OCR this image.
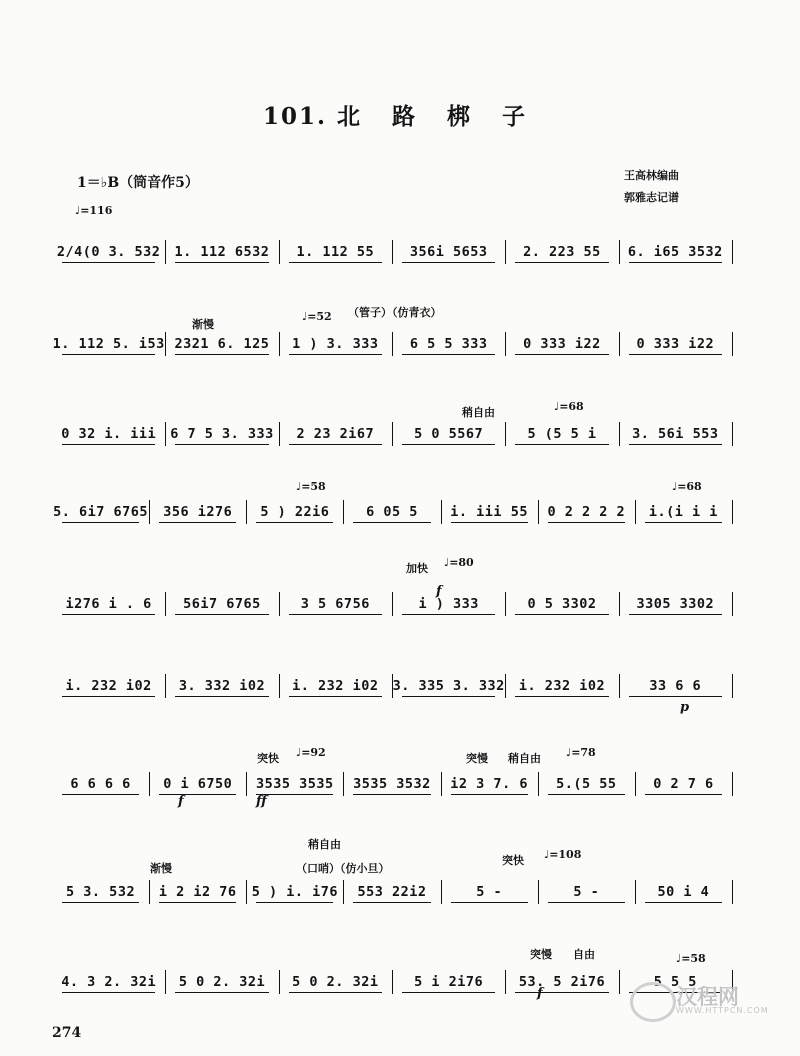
101. 北 路 梆 子
1＝♭B（筒音作5）	王高林编曲
郭雅志记谱
♩=116
渐慢
♩=52 （管子）（仿青衣）
稍自由	♩=68
♩=58	♩=68
加快 ♩=80
突快 ♩=92	突慢 稍自由 ♩=78
稍自由
渐慢	（口哨）（仿小旦）
突快 ♩=108
突慢 自由	♩=58
f
p
f	ff
f
2/4(0 3. 532	1. 112 6532	1. 112 55	356i 5653	2. 223 55	6. i65 3532
1. 112 5. i53 2321 6. 125	1 ) 3. 333	6 5 5 333	0 333 i22	0 333 i22
0 32 i. iii	6 7 5 3. 333	2 23 2i67	5 0 5567	5 (5 5 i	3. 56i 553
5. 6i7 6765	356 i276	5 ) 22i6	6 05 5	i. iii 55	0 2 2 2 2	i.(i i i
i276 i . 6	56i7 6765	3 5 6756	i ) 333	0 5 3302	3305 3302
i. 232 i02	3. 332 i02	i. 232 i02	3. 335 3. 332	i. 232 i02	33 6 6
6 6 6 6	0 i 6750	3535 3535	3535 3532	i2 3 7. 6	5.(5 55	0 2 7 6
5 3. 532	i 2 i2 76	5 ) i. i76	553 22i2	5 -	5 -	50 i 4
4. 3 2. 32i	5 0 2. 32i	5 0 2. 32i	5 i 2i76	53. 5 2i76	5 5 5
274
汉程网
WWW.HTTPCN.COM
